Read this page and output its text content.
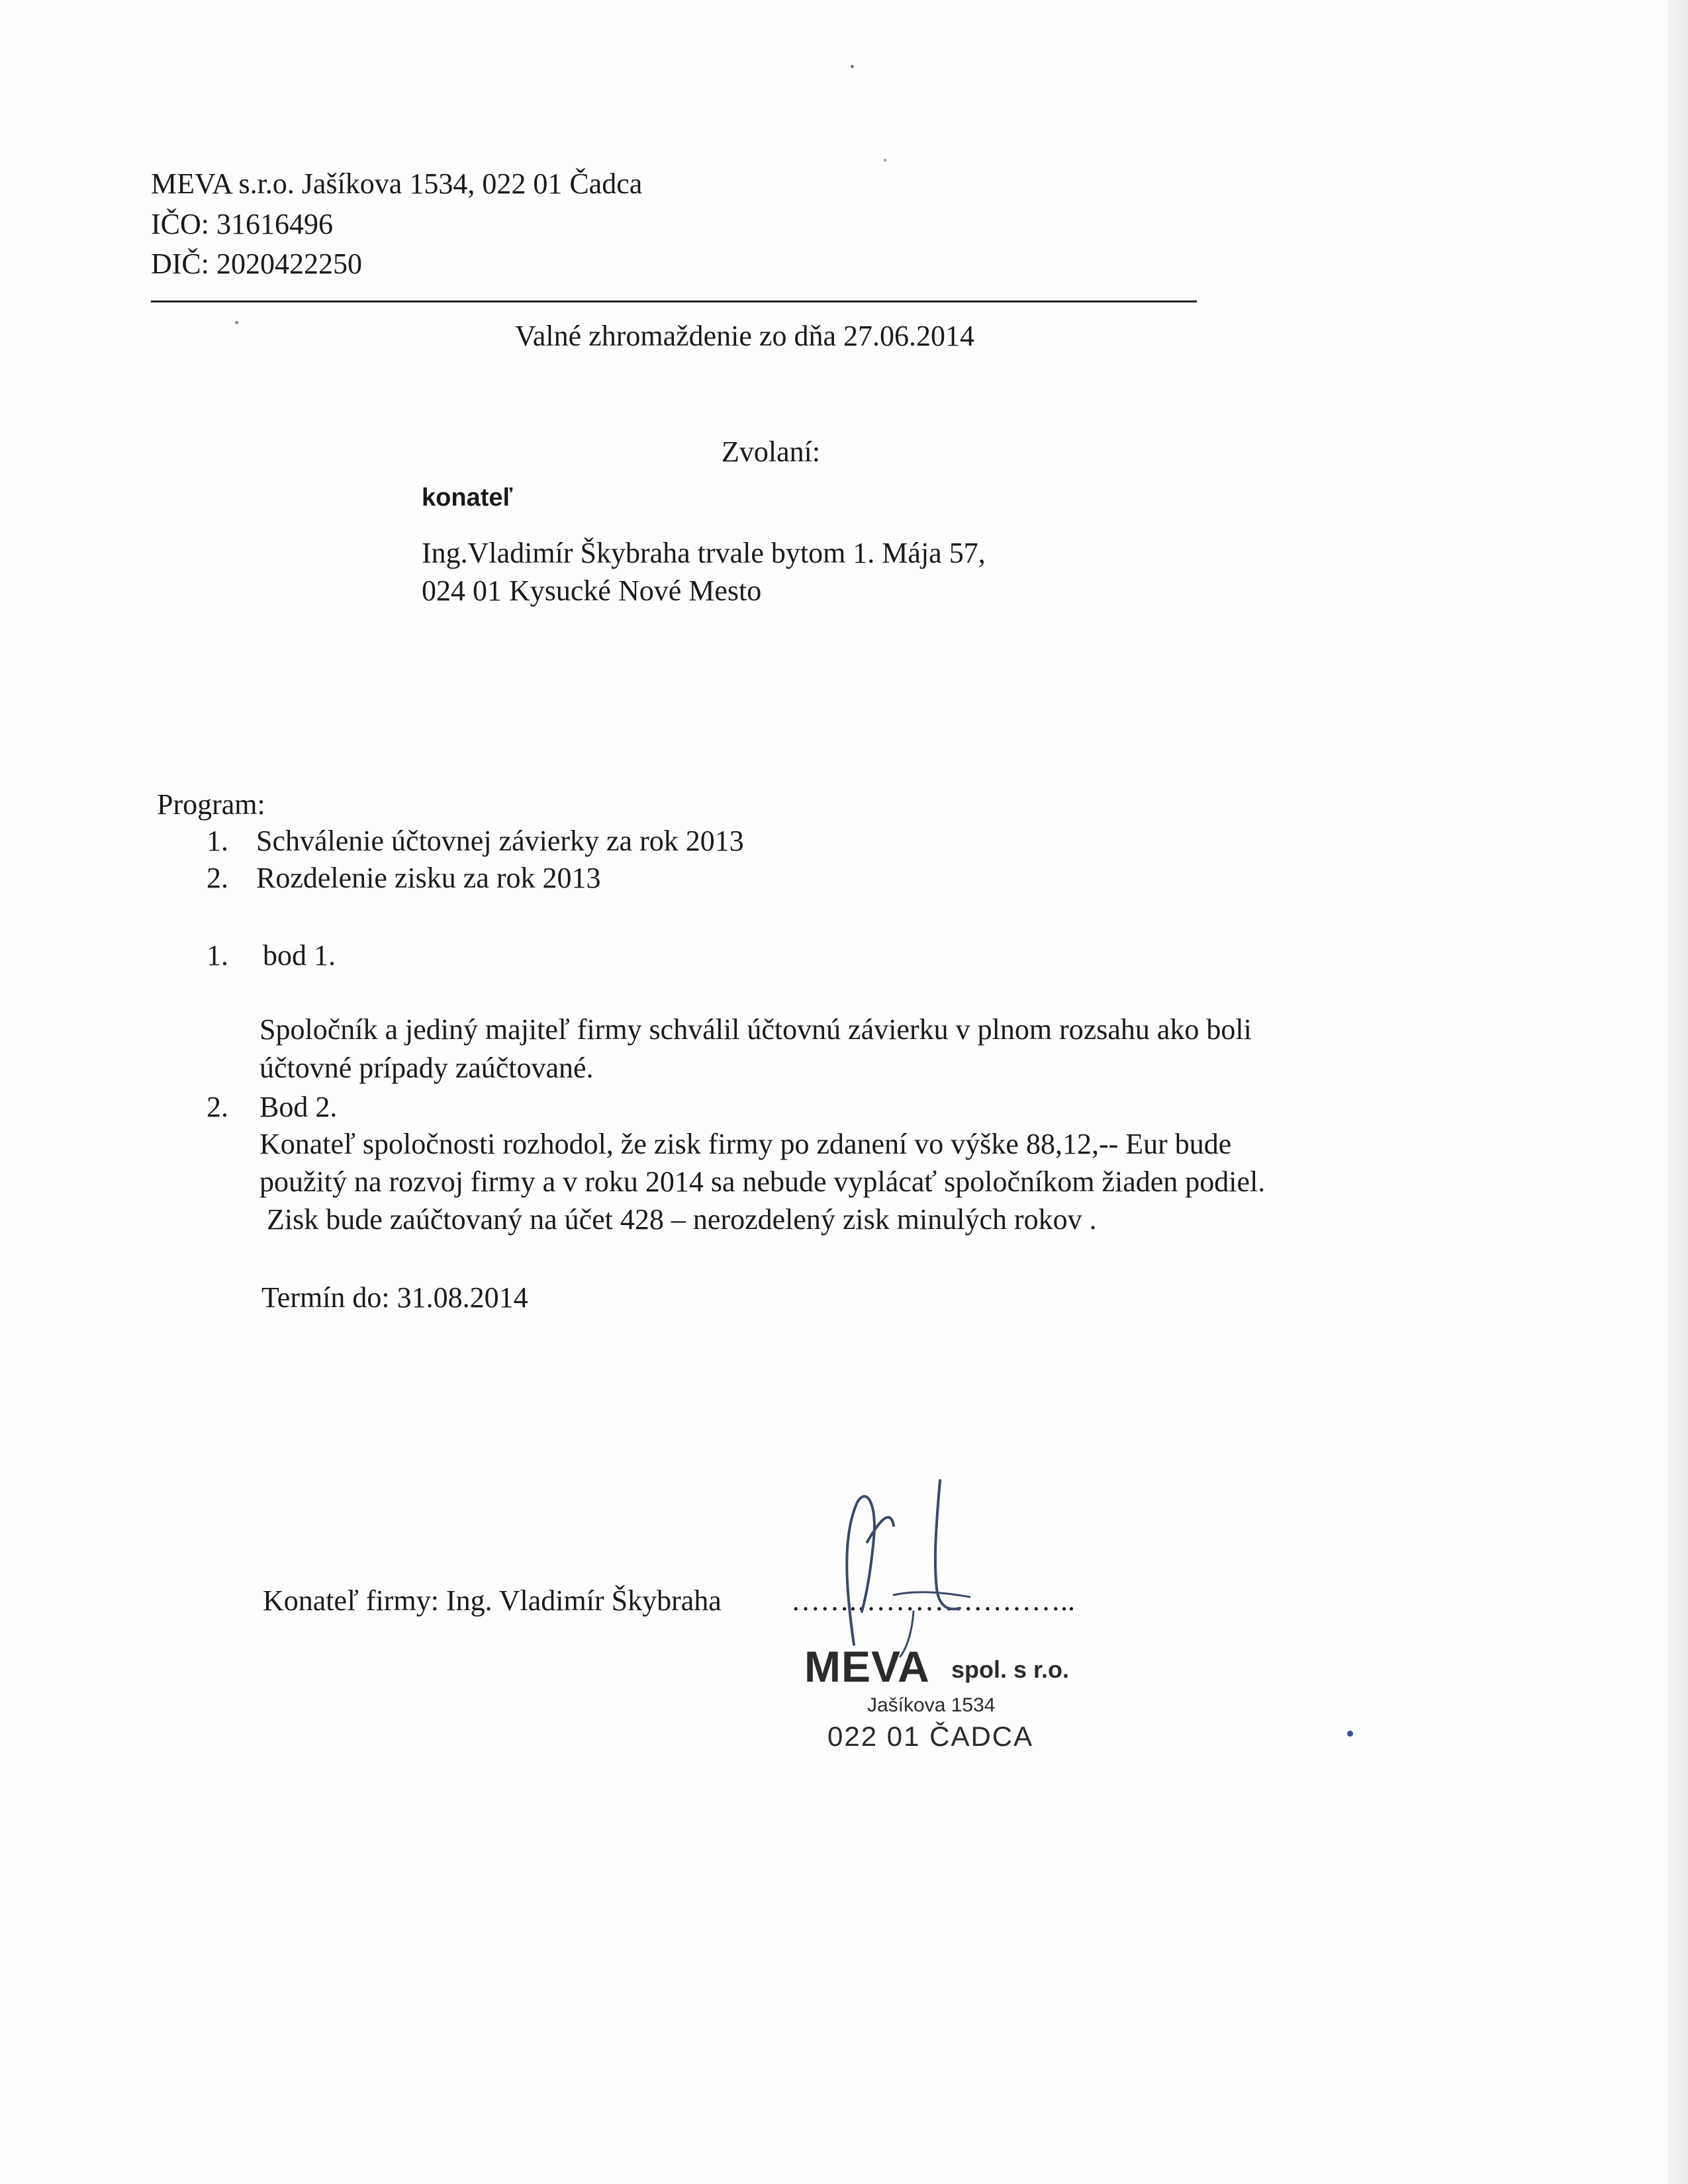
MEVA s.r.o. Jašíkova 1534, 022 01 Čadca
IČO: 31616496
DIČ: 2020422250
Valné zhromaždenie zo dňa 27.06.2014
Zvolaní:
konateľ
Ing.Vladimír Škybraha trvale bytom 1. Mája 57,
024 01 Kysucké Nové Mesto
Program:
1. Schválenie účtovnej závierky za rok 2013
2. Rozdelenie zisku za rok 2013
1. bod 1.
Spoločník a jediný majiteľ firmy schválil účtovnú závierku v plnom rozsahu ako boli
účtovné prípady zaúčtované.
2. Bod 2.
Konateľ spoločnosti rozhodol, že zisk firmy po zdanení vo výške 88,12,-- Eur bude
použitý na rozvoj firmy a v roku 2014 sa nebude vyplácať spoločníkom žiaden podiel.
Zisk bude zaúčtovaný na účet 428 – nerozdelený zisk minulých rokov .
Termín do: 31.08.2014
Konateľ firmy: Ing. Vladimír Škybraha …….…………………..
MEVA spol. s r.o.
Jašíkova 1534
022 01 ČADCA
